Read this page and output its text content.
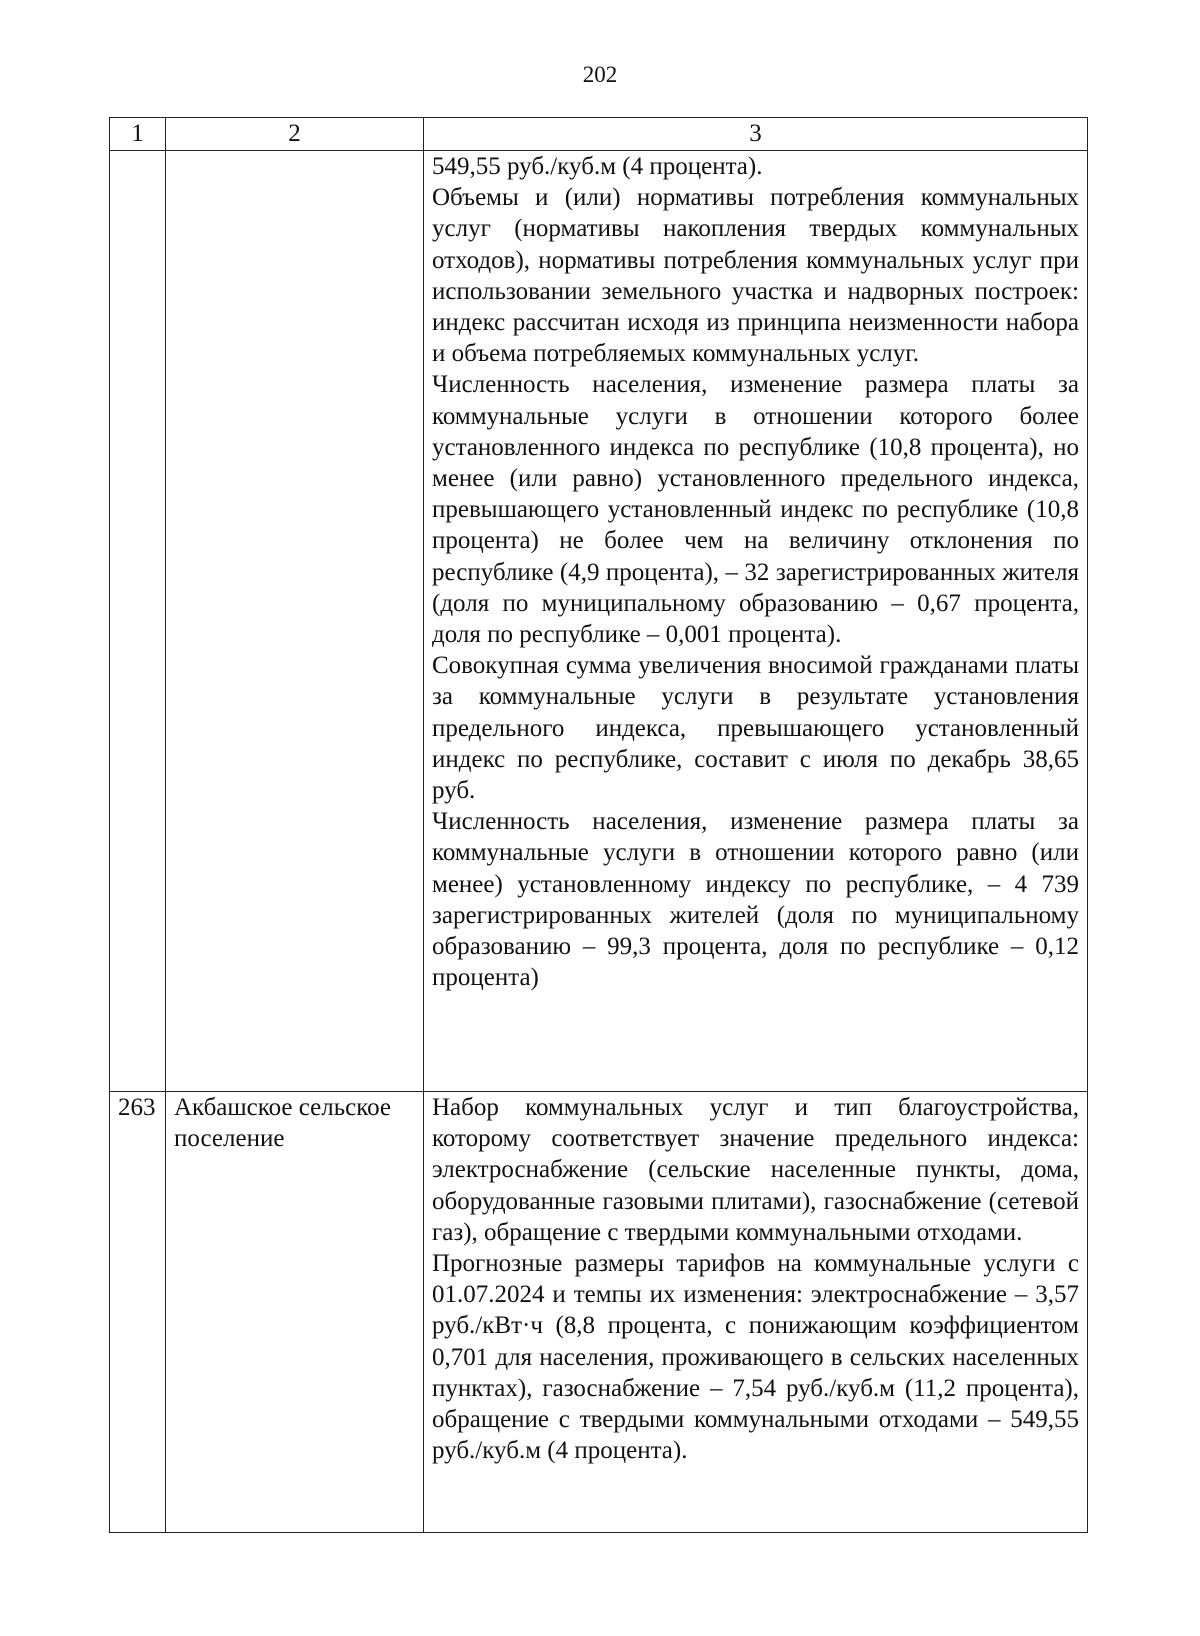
202
1	2	3

		549,55 руб./куб.м (4 процента).

Объемы и (или) нормативы потребления коммунальных услуг (нормативы накопления твердых коммунальных отходов), нормативы потребления коммунальных услуг при использовании земельного участка и надворных построек: индекс рассчитан исходя из принципа неизменности набора и объема потребляемых коммунальных услуг.

Численность населения, изменение размера платы за коммунальные услуги в отношении которого более установленного индекса по республике (10,8 процента), но менее (или равно) установленного предельного индекса, превышающего установленный индекс по республике (10,8 процента) не более чем на величину отклонения по республике (4,9 процента), – 32 зарегистрированных жителя (доля по муниципальному образованию – 0,67 процента, доля по республике – 0,001 процента).

Совокупная сумма увеличения вносимой гражданами платы за коммунальные услуги в результате установления предельного индекса, превышающего установленный индекс по республике, составит с июля по декабрь 38,65 руб.

Численность населения, изменение размера платы за коммунальные услуги в отношении которого равно (или менее) установленному индексу по республике, – 4 739 зарегистрированных жителей (доля по муниципальному образованию – 99,3 процента, доля по республике – 0,12 процента)

263	Акбашское сельское поселение	Набор коммунальных услуг и тип благоустройства, которому соответствует значение предельного индекса: электроснабжение (сельские населенные пункты, дома, оборудованные газовыми плитами), газоснабжение (сетевой газ), обращение с твердыми коммунальными отходами.

Прогнозные размеры тарифов на коммунальные услуги с 01.07.2024 и темпы их изменения: электроснабжение – 3,57 руб./кВт·ч (8,8 процента, с понижающим коэффициентом 0,701 для населения, проживающего в сельских населенных пунктах), газоснабжение – 7,54 руб./куб.м (11,2 процента), обращение с твердыми коммунальными отходами – 549,55 руб./куб.м (4 процента).
